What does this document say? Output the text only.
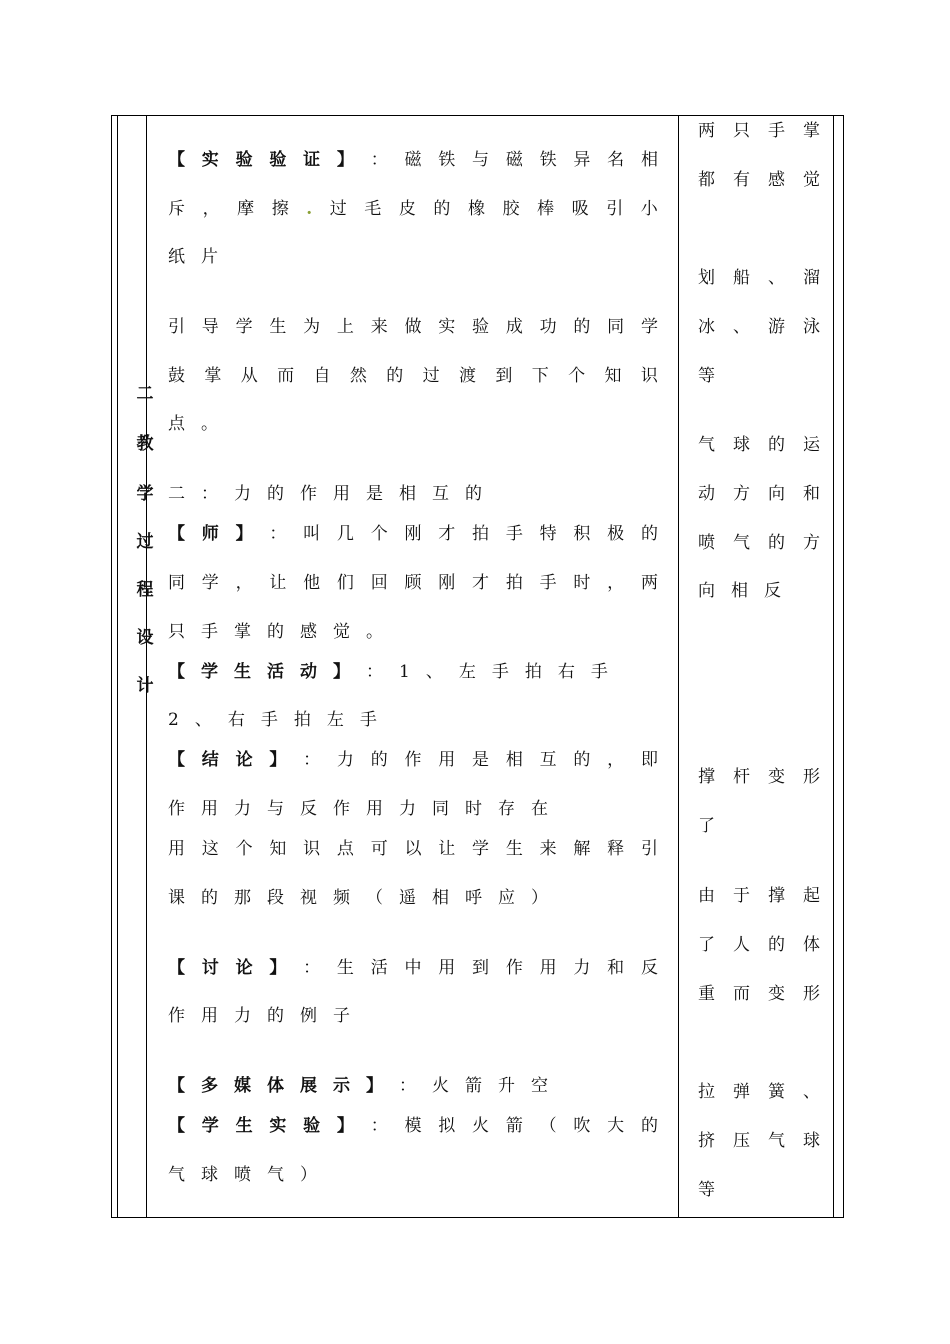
二
教
学
过
程
设
计
【 实 验 验 证 】 ： 磁 铁 与 磁 铁 异 名 相
斥 ， 摩 擦 . 过 毛 皮 的 橡 胶 棒 吸 引 小
纸 片
引 导 学 生 为 上 来 做 实 验 成 功 的 同 学
鼓 掌 从 而 自 然 的 过 渡 到 下 个 知 识
点 。
二 ： 力 的 作 用 是 相 互 的
【 师 】 ： 叫 几 个 刚 才 拍 手 特 积 极 的
同 学 ， 让 他 们 回 顾 刚 才 拍 手 时 ， 两
只 手 掌 的 感 觉 。
【 学 生 活 动 】 ： 1 、 左 手 拍 右 手
2 、 右 手 拍 左 手
【 结 论 】 ： 力 的 作 用 是 相 互 的 ， 即
作 用 力 与 反 作 用 力 同 时 存 在
用 这 个 知 识 点 可 以 让 学 生 来 解 释 引
课 的 那 段 视 频 （ 遥 相 呼 应 ）
【 讨 论 】 ： 生 活 中 用 到 作 用 力 和 反
作 用 力 的 例 子
【 多 媒 体 展 示 】 ： 火 箭 升 空
【 学 生 实 验 】 ： 模 拟 火 箭 （ 吹 大 的
气 球 喷 气 ）
两 只 手 掌
都 有 感 觉
划 船 、 溜
冰 、 游 泳
等
气 球 的 运
动 方 向 和
喷 气 的 方
向 相 反
撑 杆 变 形
了
由 于 撑 起
了 人 的 体
重 而 变 形
拉 弹 簧 、
挤 压 气 球
等
